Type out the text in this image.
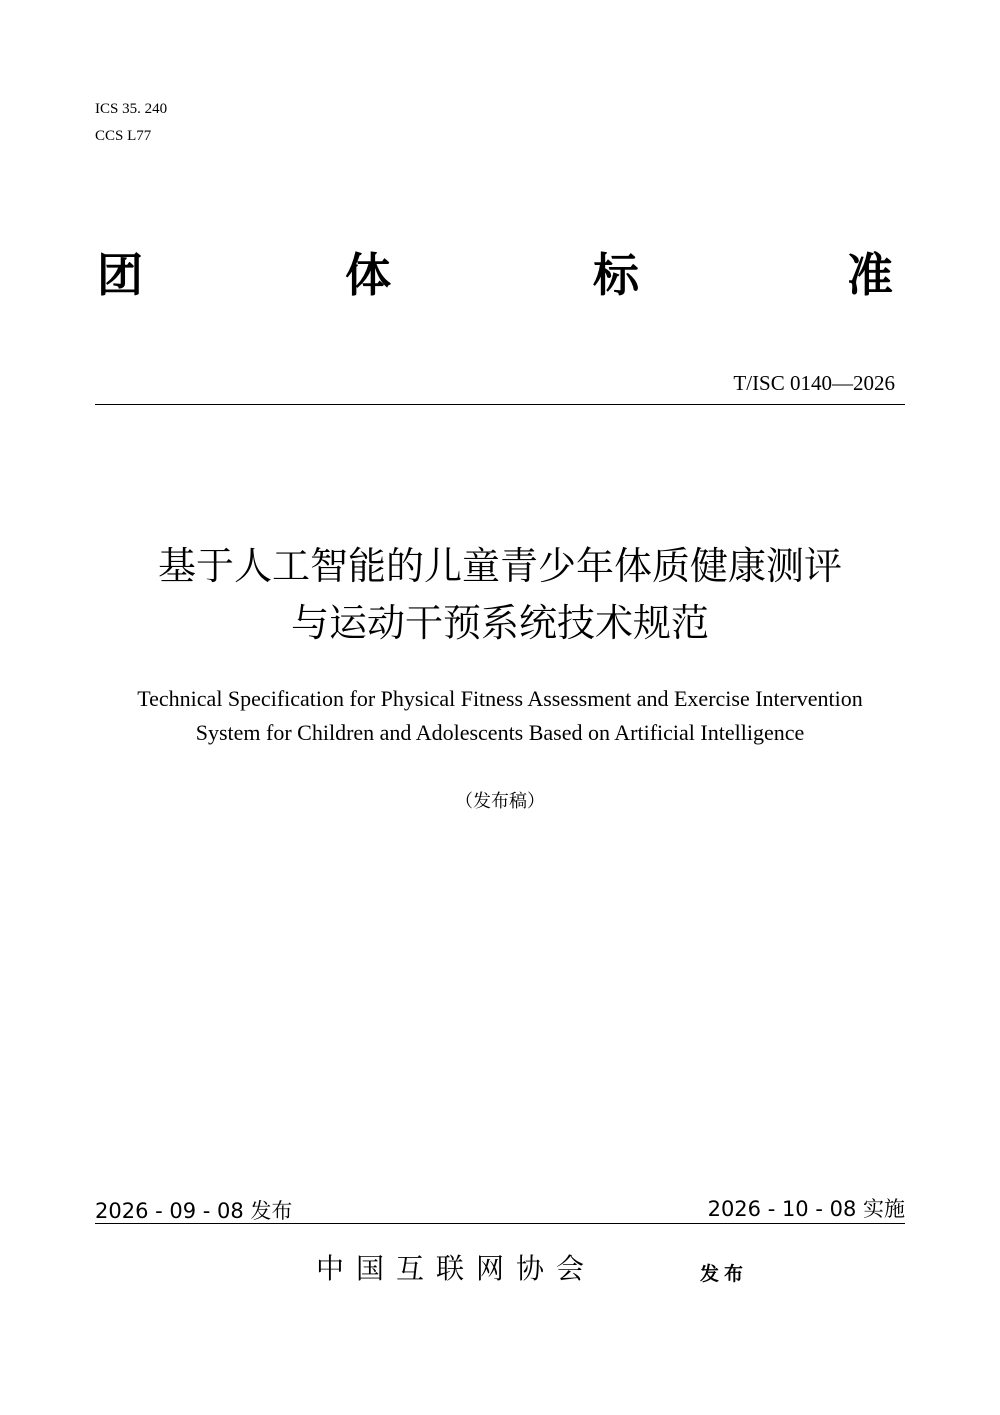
ICS 35. 240
CCS L77
团	体	标	准
T/ISC 0140—2026
基于人工智能的儿童青少年体质健康测评
与运动干预系统技术规范
Technical Specification for Physical Fitness Assessment and Exercise Intervention
System for Children and Adolescents Based on Artificial Intelligence
（发布稿）
2026 - 09 - 08 发布	2026 - 10 - 08 实施
中国互联网协会	发布
